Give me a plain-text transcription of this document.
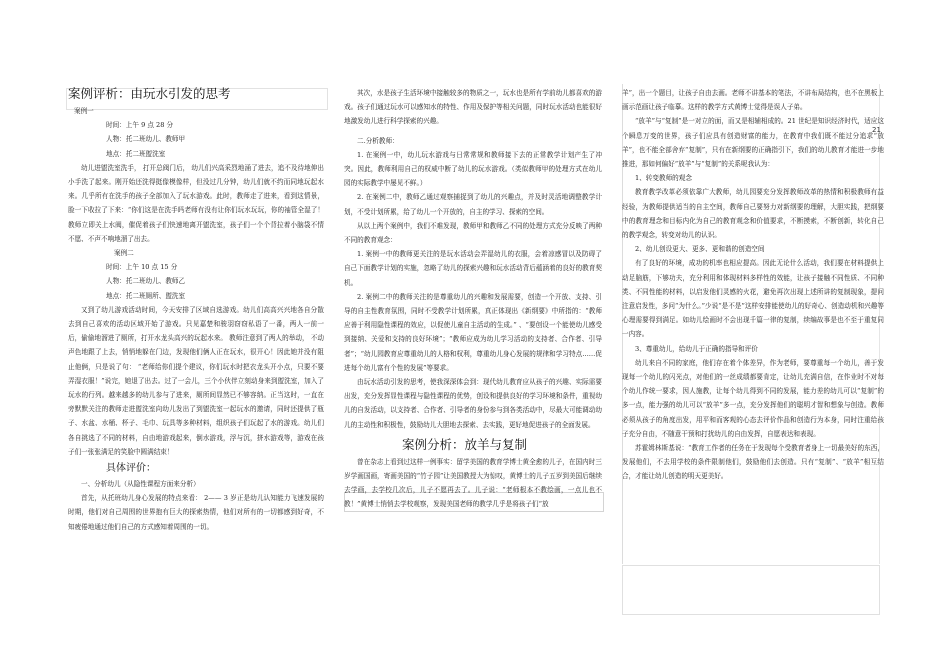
21
案例评析：由玩水引发的思考

案例一

时间：上午 9 点 28 分

人物：托二班幼儿、教师甲

地点：托二班盥洗室

幼儿进盥洗室洗手， 打开总阀门后， 幼儿们兴高采烈地涌了进去，追不及待地伸出小手洗了起来。刚开始还洗得挺像模像样，但没过几分钟，幼儿们就不约而同地玩起水来。几乎所有在洗手的孩子全部加入了玩水游戏。此时，教师走了进来，看到这情景，脸一下收拉了下来：“你们这是在洗手吗老师有没有让你们玩水玩玩，你的袖管全湿了！教师立即关上水阀，催促着孩子们快速地离开盥洗室，孩子们一个个背拉着小脑袋不情不愿、不声不响地溜了出去。

案例二

时间：上午 10 点 15 分

人物：托二班幼儿、教师乙

地点：托二班厕所、盥洗室

又到了幼儿游戏活动时间，今天安排了区域自选游戏。幼儿们高高兴兴地各自分散去到自己喜欢的活动区域开始了游戏。只见嘉楚和骏羽窃窃私语了一番，两人一前一后，偷偷地溜进了厕所，打开水龙头高兴的玩起水来。 教师注意到了两人的举动， 不动声色地跟了上去，悄悄地躲在门边，发现他们俩人正在玩水，很开心！因此她并没有阻止他俩，只是说了句： “老师给你们提个建议，你们玩水时把衣龙头开小点，只要不要弄湿衣服！”说完，她退了出去。过了一会儿，三个小伙伴立刻动身来到盥洗室，加入了玩水的行列。越来越多的幼儿参与了进来，厕所间显然已不够容纳。正当这时，一直在旁默默关注的教师走进盥洗室向幼儿发出了到盥洗室一起玩水的邀请，同时还提供了瓶子、水盆、水桶、杯子、毛巾、玩具等多种材料，组织孩子们玩起了水的游戏。幼儿们各自挑选了不同的材料，自由地游戏起来，倒水游戏，浮与沉，挤水游戏等，游戏在孩子们一张张满足的笑脸中圆满结束！

具体评价：

一、分析幼儿（从隐性课程方面来分析）

首先，从托班幼儿身心发展的特点来看： 2—— 3 岁正是幼儿认知能力飞速发展的时期，他们对自己周围的世界抱有巨大的探索热情，他们对所有的一切都感到好奇，不知疲倦地通过他们自己的方式感知着周围的一切。

其次，水是孩子生活环境中接触较多的物质之一，玩水也是所有学前幼儿都喜欢的游戏。孩子们通过玩水可以感知水的特性、作用及保护等相关问题，同时玩水活动也能很好地激发幼儿进行科学探索的兴趣。

二.分析教师：

1. 在案例一中，幼儿玩水游戏与日常常规和教师接下去的正常教学计划产生了冲突。因此，教师利用自己的权威中断了幼儿的玩水游戏。（类似教师甲的处理方式在幼儿园的实际教学中屡见不鲜。）

2. 在案例二中，教师乙通过观察捕捉到了幼儿的兴趣点，并及时灵活地调整教学计划，不受计划所累，给了幼儿一个开放的，自主的学习、探索的空间。

从以上两个案例中，我们不难发现，教师甲和教师乙不同的处理方式充分反映了两种不同的教育观念：

1. 案例一中的教师更关注的是玩水活动会弄湿幼儿的衣服，会着凉感冒以及防碍了自己下面教学计划的实施，忽略了幼儿的探索兴趣和玩水活动背后蕴涵着的良好的教育契机。

2. 案例二中的教师关注的是尊重幼儿的兴趣和发展需要，创造一个开放、支持、引导的自主性教育氛围，同时不受教学计划所累，真正体现出《新纲要》中所指的：“教师应善于利用隐性课程的效应，以促使儿童自主活动的生成。” 、“要创设一个能使幼儿感受到接纳、关爱和支持的良好环境”；“教师应成为幼儿学习活动的支持者、合作者、引导者”；“幼儿园教育应尊重幼儿的人格和权利，尊重幼儿身心发展的规律和学习特点……促进每个幼儿富有个性的发展”等要求。

由玩水活动引发的思考，使我深深体会到：现代幼儿教育应从孩子的兴趣、实际需要出发，充分发挥显性课程与隐性课程的优势，创设和提供良好的学习环境和条件，重视幼儿的自发活动，以支持者、合作者、引导者的身份参与到各类活动中，尽最大可能调动幼儿的主动性和积极性，鼓励幼儿大胆地去探索、去实践，更好地促进孩子的全面发展。

案例分析：放羊与复制

曾在杂志上看到过这样一例事实：留学美国的教育学博士黄全愈的儿子，在国内时三岁学画国画，寄画美国的“竹子园”让美国教授大为惊叹，黄博士的儿子五岁到美国后继续去学画，去学校几次后，儿子不愿再去了。儿子说：“老师根本不教绘画，一点儿也不教！”黄博士悄悄去学校观察，发现美国老师的教学几乎是将孩子们“放

羊”，出一个题目，让孩子自由去画。老师不讲基本的笔法，不讲布局结构，也不在黑板上画示范画让孩子临摹。这样的教学方式黄博士觉得是误人子弟。

“放羊”与“复制”是一对立的面，而又是相辅相成的。21 世纪是知识经济时代，适应这个瞬息万变的世界，孩子们应具有创造财富的能力，在教育中我们既不能过分追求“放羊”，也不能全部舍弃“复制”，只有在新纲要的正确指引下，我们的幼儿教育才能进一步地推进，那如何偏好“放羊”与“复制”的关系呢我认为：

1、转变教师的观念

教育教学改革必须依靠广大教师，幼儿园要充分发挥教师改革的热情和积极教师有益经验，为教师提供适当的自主空间，教师自己要努力对新纲要的理解，大胆实践，把纲要中的教育理念和目标内化为自己的教育观念和价值要求，不断摸索，不断创新，转化自己的教学观念，转变对幼儿的认识。

2、幼儿创设更大、更多、更和谐的创造空间

有了良好的环境，成功的机率也相应提高。因此无论什么活动，我们要在材料提供上动足脑筋，下够功夫，充分利用和体现材料多样性的效能，让孩子接触不同性质、不同种类、不同性能的材料，以启发他们灵感的火花，避免再次出现上述所讲的复制现象，提问注意启发性，多问“为什么。”少说“是不是”这样安排能使幼儿的好奇心、创造动机和兴趣等心理需要得到满足。如幼儿绘画时不会出现千篇一律的复制，续编故事是也不至于重复同一内容。

3、尊重幼儿，给幼儿于正确的指导和评价

幼儿来自不同的家庭，他们存在着个体差异，作为老师，要尊重每一个幼儿，善于发现每一个幼儿的闪光点，对他们的一丝成绩都要肯定，让幼儿充满自信，在作业时不对每个幼儿作统一要求，因人施教，让每个幼儿得到不同的发展，能力差的幼儿可以“复制”的多一点，能力强的幼儿可以“放羊”多一点，充分发挥他们的聪明才智和想象与创造。教师必须从孩子的角度出发，用平和而客观的心态去评价作品和创造行为本身，同时注重给孩子充分自由，不随意干预和打扰幼儿的自由发挥，自愿表达和表现。

苏霍姆林斯基说：“教育工作者的任务在于发现每个受教育者身上一切最美好的东西，发展他们，不去用学校的条件限制他们，鼓励他们去创造。只有“复制”、“放羊”相互结合，才能让幼儿创造的明天更美好。
